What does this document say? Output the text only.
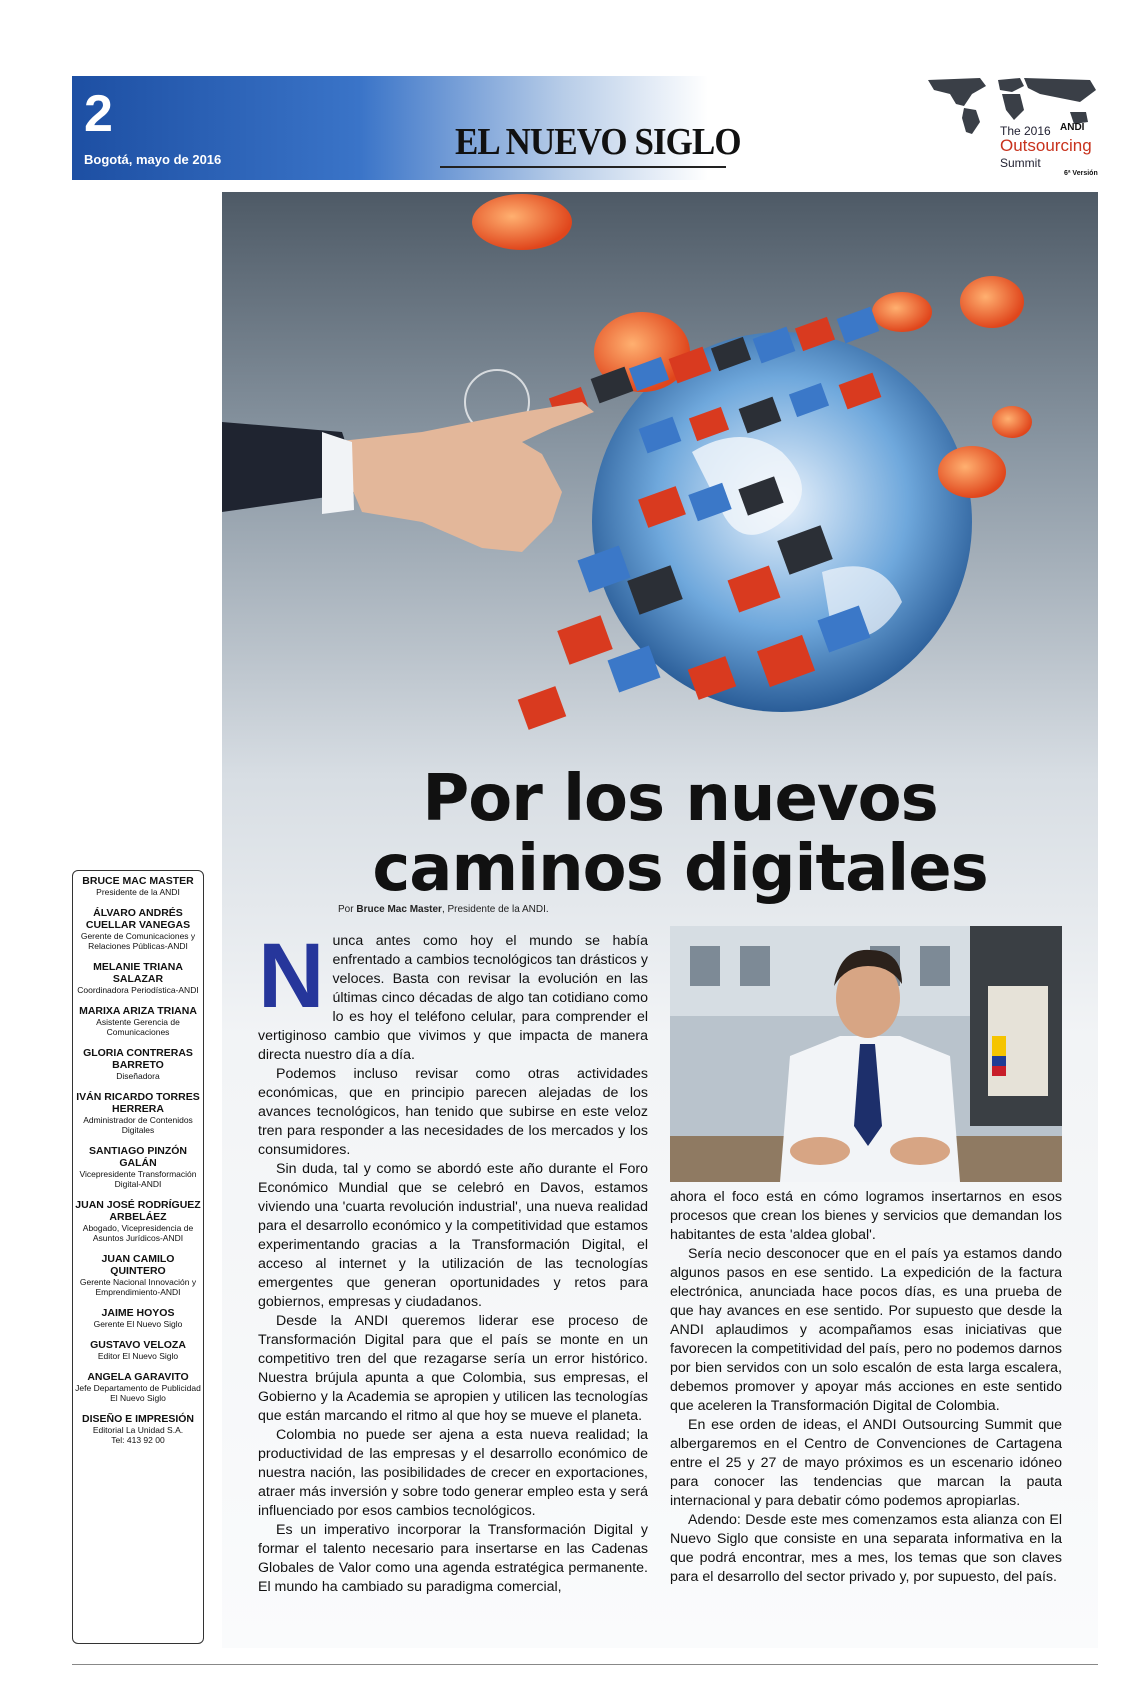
2
Bogotá, mayo de 2016	EL NUEVO SIGLO	The 2016 ANDI
Outsourcing
Summit
6ª Versión
Por los nuevos
caminos digitales
Por Bruce Mac Master, Presidente de la ANDI.
N unca antes como hoy el mundo se había enfrentado a cambios tecnológicos tan drásticos y veloces. Basta con revisar la evolución en las últimas cinco décadas de algo tan cotidiano como lo es hoy el teléfono celular, para comprender el vertiginoso cambio que vivimos y que impacta de manera directa nuestro día a día.

Podemos incluso revisar como otras actividades económicas, que en principio parecen alejadas de los avances tecnológicos, han tenido que subirse en este veloz tren para responder a las necesidades de los mercados y los consumidores.

Sin duda, tal y como se abordó este año durante el Foro Económico Mundial que se celebró en Davos, estamos viviendo una 'cuarta revolución industrial', una nueva realidad para el desarrollo económico y la competitividad que estamos experimentando gracias a la Transformación Digital, el acceso al internet y la utilización de las tecnologías emergentes que generan oportunidades y retos para gobiernos, empresas y ciudadanos.

Desde la ANDI queremos liderar ese proceso de Transformación Digital para que el país se monte en un competitivo tren del que rezagarse sería un error histórico. Nuestra brújula apunta a que Colombia, sus empresas, el Gobierno y la Academia se apropien y utilicen las tecnologías que están marcando el ritmo al que hoy se mueve el planeta.

Colombia no puede ser ajena a esta nueva realidad; la productividad de las empresas y el desarrollo económico de nuestra nación, las posibilidades de crecer en exportaciones, atraer más inversión y sobre todo generar empleo esta y será influenciado por esos cambios tecnológicos.

Es un imperativo incorporar la Transformación Digital y formar el talento necesario para insertarse en las Cadenas Globales de Valor como una agenda estratégica permanente. El mundo ha cambiado su paradigma comercial,

ahora el foco está en cómo logramos insertarnos en esos procesos que crean los bienes y servicios que demandan los habitantes de esta 'aldea global'.

Sería necio desconocer que en el país ya estamos dando algunos pasos en ese sentido. La expedición de la factura electrónica, anunciada hace pocos días, es una prueba de que hay avances en ese sentido. Por supuesto que desde la ANDI aplaudimos y acompañamos esas iniciativas que favorecen la competitividad del país, pero no podemos darnos por bien servidos con un solo escalón de esta larga escalera, debemos promover y apoyar más acciones en este sentido que aceleren la Transformación Digital de Colombia.

En ese orden de ideas, el ANDI Outsourcing Summit que albergaremos en el Centro de Convenciones de Cartagena entre el 25 y 27 de mayo próximos es un escenario idóneo para conocer las tendencias que marcan la pauta internacional y para debatir cómo podemos apropiarlas.

Adendo: Desde este mes comenzamos esta alianza con El Nuevo Siglo que consiste en una separata informativa en la que podrá encontrar, mes a mes, los temas que son claves para el desarrollo del sector privado y, por supuesto, del país.

BRUCE MAC MASTER
Presidente de la ANDI
ÁLVARO ANDRÉS CUELLAR VANEGAS
Gerente de Comunicaciones y Relaciones Públicas-ANDI
MELANIE TRIANA SALAZAR
Coordinadora Periodística-ANDI
MARIXA ARIZA TRIANA
Asistente Gerencia de Comunicaciones
GLORIA CONTRERAS BARRETO
Diseñadora
IVÁN RICARDO TORRES HERRERA
Administrador de Contenidos Digitales
SANTIAGO PINZÓN GALÁN
Vicepresidente Transformación Digital-ANDI
JUAN JOSÉ RODRÍGUEZ ARBELÁEZ
Abogado, Vicepresidencia de Asuntos Jurídicos-ANDI
JUAN CAMILO QUINTERO
Gerente Nacional Innovación y Emprendimiento-ANDI
JAIME HOYOS
Gerente El Nuevo Siglo
GUSTAVO VELOZA
Editor El Nuevo Siglo
ANGELA GARAVITO
Jefe Departamento de Publicidad El Nuevo Siglo
DISEÑO E IMPRESIÓN
Editorial La Unidad S.A.
Tel: 413 92 00
